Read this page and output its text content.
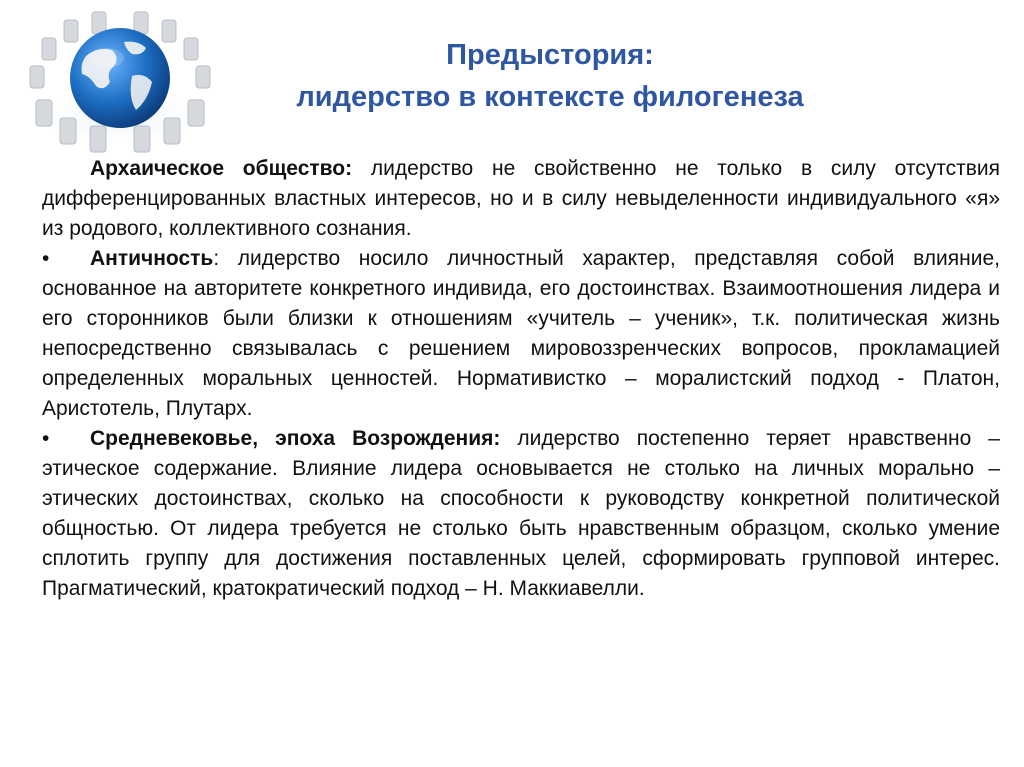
Предыстория:
лидерство в контексте филогенеза

Архаическое общество: лидерство не свойственно не только в силу отсутствия дифференцированных властных интересов, но и в силу невыделенности индивидуального «я» из родового, коллективного сознания.

• Античность: лидерство носило личностный характер, представляя собой влияние, основанное на авторитете конкретного индивида, его достоинствах. Взаимоотношения лидера и его сторонников были близки к отношениям «учитель – ученик», т.к. политическая жизнь непосредственно связывалась с решением мировоззренческих вопросов, прокламацией определенных моральных ценностей. Нормативистко – моралистский подход - Платон, Аристотель, Плутарх.

• Средневековье, эпоха Возрождения: лидерство постепенно теряет нравственно – этическое содержание. Влияние лидера основывается не столько на личных морально – этических достоинствах, сколько на способности к руководству конкретной политической общностью. От лидера требуется не столько быть нравственным образцом, сколько умение сплотить группу для достижения поставленных целей, сформировать групповой интерес. Прагматический, кратократический подход – Н. Маккиавелли.
